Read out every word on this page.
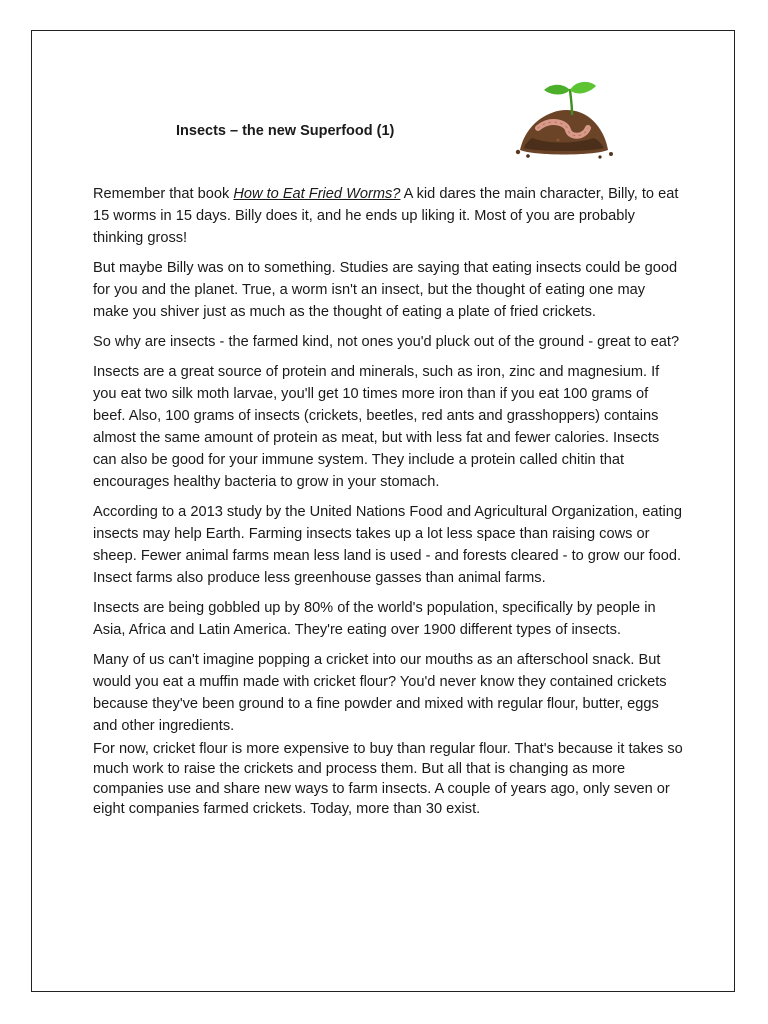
Insects – the new Superfood (1)

Remember that book How to Eat Fried Worms? A kid dares the main character, Billy, to eat 15 worms in 15 days. Billy does it, and he ends up liking it. Most of you are probably thinking gross!

But maybe Billy was on to something. Studies are saying that eating insects could be good for you and the planet. True, a worm isn't an insect, but the thought of eating one may make you shiver just as much as the thought of eating a plate of fried crickets.

So why are insects - the farmed kind, not ones you'd pluck out of the ground - great to eat?

Insects are a great source of protein and minerals, such as iron, zinc and magnesium. If you eat two silk moth larvae, you'll get 10 times more iron than if you eat 100 grams of beef. Also, 100 grams of insects (crickets, beetles, red ants and grasshoppers) contains almost the same amount of protein as meat, but with less fat and fewer calories. Insects can also be good for your immune system. They include a protein called chitin that encourages healthy bacteria to grow in your stomach.

According to a 2013 study by the United Nations Food and Agricultural Organization, eating insects may help Earth. Farming insects takes up a lot less space than raising cows or sheep. Fewer animal farms mean less land is used - and forests cleared - to grow our food. Insect farms also produce less greenhouse gasses than animal farms.

Insects are being gobbled up by 80% of the world's population, specifically by people in Asia, Africa and Latin America. They're eating over 1900 different types of insects.

Many of us can't imagine popping a cricket into our mouths as an afterschool snack. But would you eat a muffin made with cricket flour? You'd never know they contained crickets because they've been ground to a fine powder and mixed with regular flour, butter, eggs and other ingredients.

For now, cricket flour is more expensive to buy than regular flour. That's because it takes so much work to raise the crickets and process them. But all that is changing as more companies use and share new ways to farm insects. A couple of years ago, only seven or eight companies farmed crickets. Today, more than 30 exist.
